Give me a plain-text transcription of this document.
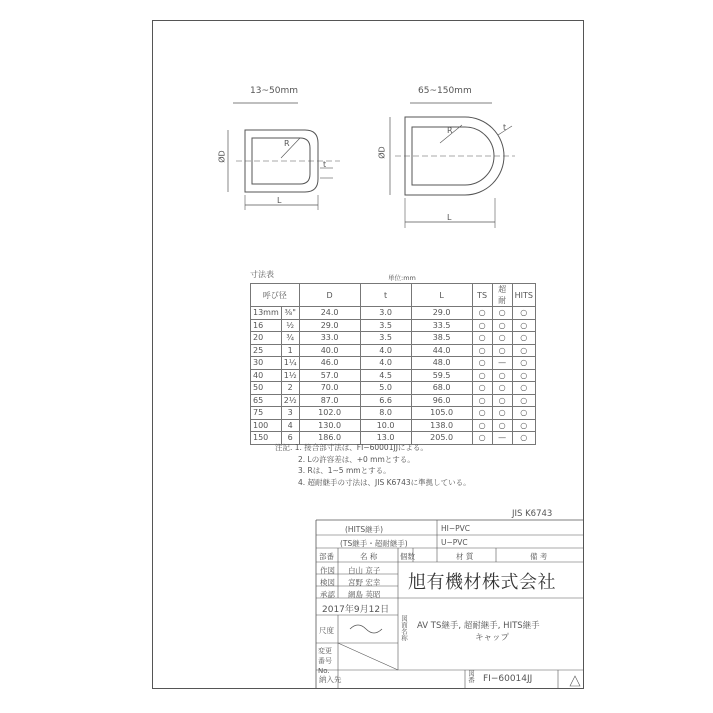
13~50mm	65~150mm
ØD	ØD
R
R
t
t
L
L
寸法表	単位:mm
呼び径		D	t	L	TS	超耐	HITS
13mm	⅜"	24.0	3.0	29.0	○	○	○
16	½	29.0	3.5	33.5	○	○	○
20	¾	33.0	3.5	38.5	○	○	○
25	1	40.0	4.0	44.0	○	○	○
30	1¼	46.0	4.0	48.0	○	—	○
40	1½	57.0	4.5	59.5	○	○	○
50	2	70.0	5.0	68.0	○	○	○
65	2½	87.0	6.6	96.0	○	○	○
75	3	102.0	8.0	105.0	○	○	○
100	4	130.0	10.0	138.0	○	○	○
150	6	186.0	13.0	205.0	○	—	○
注記. 1. 接合部寸法は、FI−60001JJによる。
2. Lの許容差は、+0 mmとする。
3. Rは、1∼5 mmとする。
4. 超耐継手の寸法は、JIS K6743に準拠している。
JIS K6743
(HITS継手)	HI−PVC
(TS継手・超耐継手)	U−PVC
部番	名 称	個数	材 質	備 考
作図 白山 京子
検図 宮野 宏幸
承認 網島 英昭
旭有機材株式会社
2017年9月12日
尺度	図面名称 AV TS継手, 超耐継手, HITS継手
キャップ
変更番号 No.
納入先	図番 FI−60014JJ
